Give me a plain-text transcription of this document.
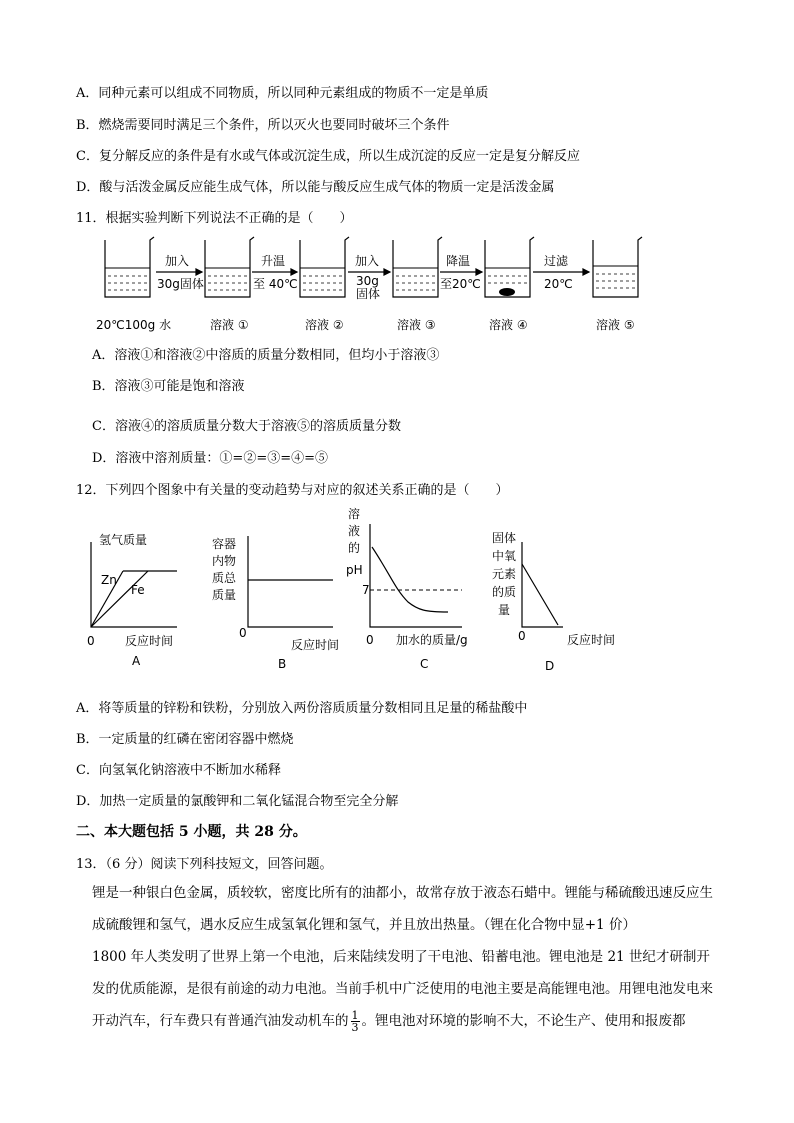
A．同种元素可以组成不同物质，所以同种元素组成的物质不一定是单质
B．燃烧需要同时满足三个条件，所以灭火也要同时破坏三个条件
C．复分解反应的条件是有水或气体或沉淀生成，所以生成沉淀的反应一定是复分解反应
D．酸与活泼金属反应能生成气体，所以能与酸反应生成气体的物质一定是活泼金属
11．根据实验判断下列说法不正确的是（　　）
加入
30g固体
升温
至 40℃
加入
30g
固体
降温
至20℃
过滤
20℃
20℃100g 水	溶液 ①	溶液 ②	溶液 ③	溶液 ④	溶液 ⑤
A．溶液①和溶液②中溶质的质量分数相同，但均小于溶液③
B．溶液③可能是饱和溶液
C．溶液④的溶质质量分数大于溶液⑤的溶质质量分数
D．溶液中溶剂质量：①=②=③=④=⑤
12．下列四个图象中有关量的变动趋势与对应的叙述关系正确的是（　　）
氢气质量
Zn
Fe
0	反应时间
A
容器
内物
质总
质量
0
反应时间
B
溶
液
的
pH
7
0 加水的质量/g
C
固体
中氧
元素
的质
量
0	反应时间
D
A．将等质量的锌粉和铁粉，分别放入两份溶质质量分数相同且足量的稀盐酸中
B．一定质量的红磷在密闭容器中燃烧
C．向氢氧化钠溶液中不断加水稀释
D．加热一定质量的氯酸钾和二氧化锰混合物至完全分解
二、本大题包括 5 小题，共 28 分。
13．（6 分）阅读下列科技短文，回答问题。
锂是一种银白色金属，质较软，密度比所有的油都小，故常存放于液态石蜡中。锂能与稀硫酸迅速反应生成硫酸锂和氢气，遇水反应生成氢氧化锂和氢气，并且放出热量。（锂在化合物中显+1 价）
1800 年人类发明了世界上第一个电池，后来陆续发明了干电池、铅蓄电池。锂电池是 21 世纪才研制开发的优质能源，是很有前途的动力电池。当前手机中广泛使用的电池主要是高能锂电池。用锂电池发电来开动汽车，行车费只有普通汽油发动机车的 $\frac{1}{3}$ 。锂电池对环境的影响不大，不论生产、使用和报废都
